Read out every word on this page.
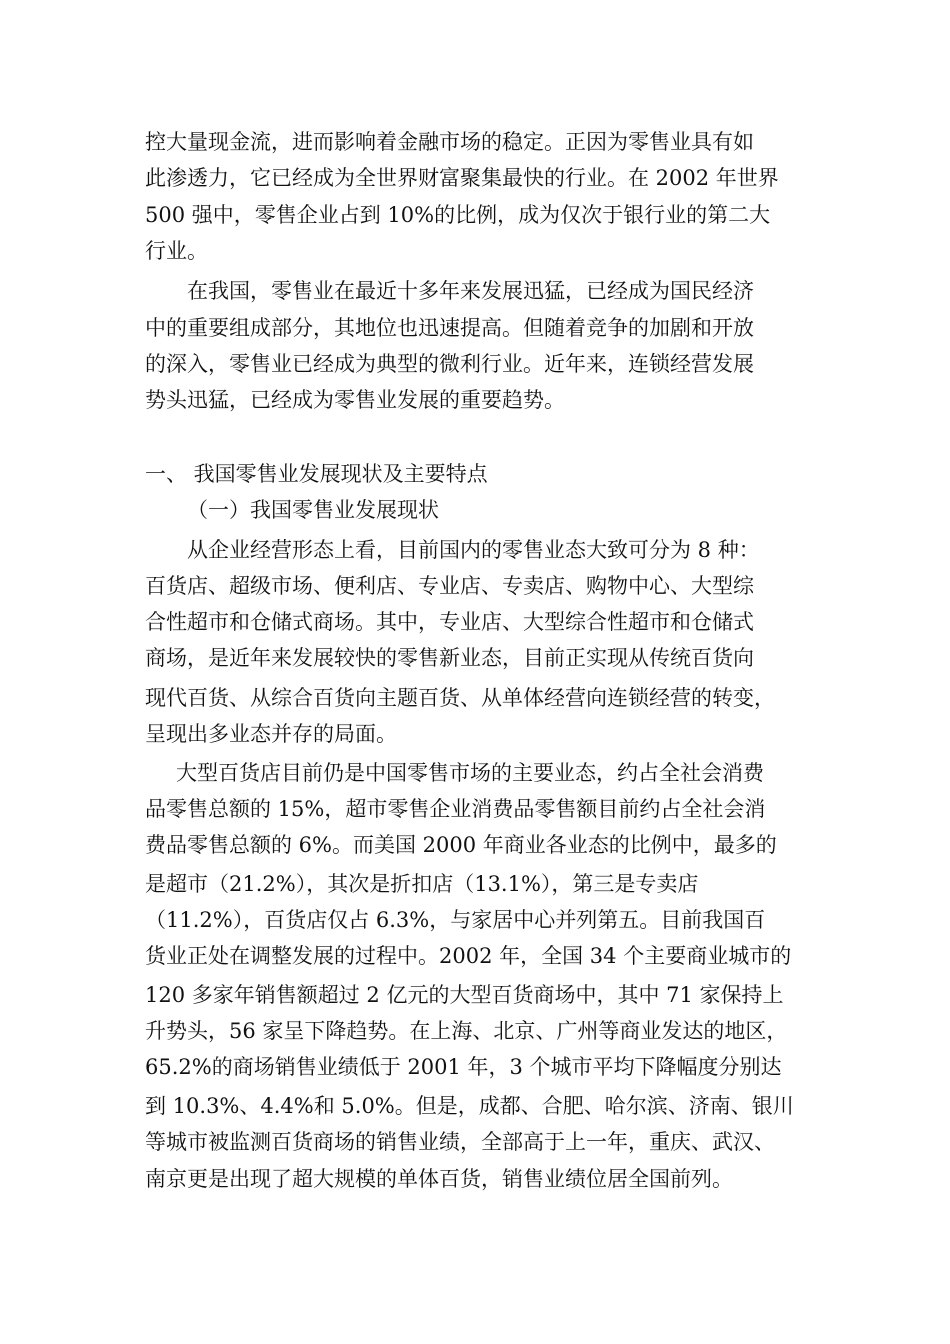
控大量现金流，进而影响着金融市场的稳定。正因为零售业具有如
此渗透力，它已经成为全世界财富聚集最快的行业。在 2002 年世界
500 强中，零售企业占到 10%的比例，成为仅次于银行业的第二大
行业。
在我国，零售业在最近十多年来发展迅猛，已经成为国民经济
中的重要组成部分，其地位也迅速提高。但随着竞争的加剧和开放
的深入，零售业已经成为典型的微利行业。近年来，连锁经营发展
势头迅猛，已经成为零售业发展的重要趋势。
一、 我国零售业发展现状及主要特点
（一）我国零售业发展现状
从企业经营形态上看，目前国内的零售业态大致可分为 8 种：
百货店、超级市场、便利店、专业店、专卖店、购物中心、大型综
合性超市和仓储式商场。其中，专业店、大型综合性超市和仓储式
商场，是近年来发展较快的零售新业态，目前正实现从传统百货向
现代百货、从综合百货向主题百货、从单体经营向连锁经营的转变，
呈现出多业态并存的局面。
大型百货店目前仍是中国零售市场的主要业态，约占全社会消费
品零售总额的 15%，超市零售企业消费品零售额目前约占全社会消
费品零售总额的 6%。而美国 2000 年商业各业态的比例中，最多的
是超市（21.2%），其次是折扣店（13.1%），第三是专卖店
（11.2%），百货店仅占 6.3%，与家居中心并列第五。目前我国百
货业正处在调整发展的过程中。2002 年，全国 34 个主要商业城市的
120 多家年销售额超过 2 亿元的大型百货商场中，其中 71 家保持上
升势头，56 家呈下降趋势。在上海、北京、广州等商业发达的地区，
65.2%的商场销售业绩低于 2001 年，3 个城市平均下降幅度分别达
到 10.3%、4.4%和 5.0%。但是，成都、合肥、哈尔滨、济南、银川
等城市被监测百货商场的销售业绩，全部高于上一年，重庆、武汉、
南京更是出现了超大规模的单体百货，销售业绩位居全国前列。
